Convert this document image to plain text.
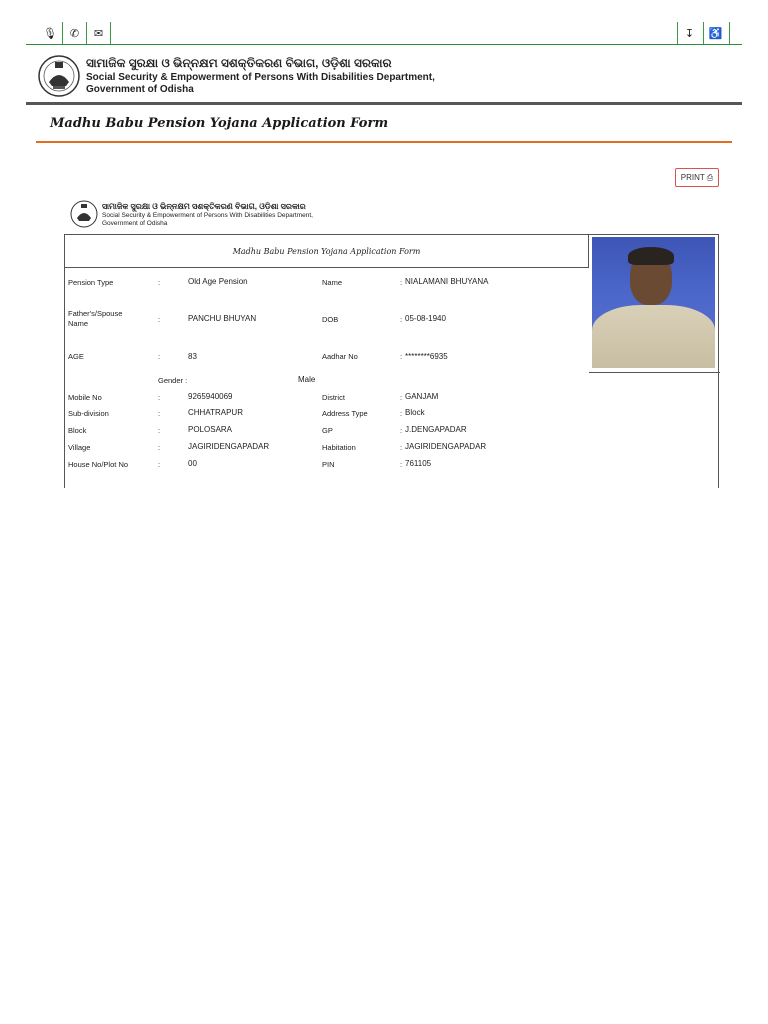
🎙	✆	✉	↧	♿
ସାମାଜିକ ସୁରକ୍ଷା ଓ ଭିନ୍ନକ୍ଷମ ସଶକ୍ତିକରଣ ବିଭାଗ, ଓଡ଼ିଶା ସରକାର
Social Security & Empowerment of Persons With Disabilities Department,
Government of Odisha
Madhu Babu Pension Yojana Application Form
PRINT ⎙
ସାମାଜିକ ସୁରକ୍ଷା ଓ ଭିନ୍ନକ୍ଷମ ସଶକ୍ତିକରଣ ବିଭାଗ, ଓଡ଼ିଶା ସରକାର
Social Security & Empowerment of Persons With Disabilities Department,
Government of Odisha
Madhu Babu Pension Yojana Application Form
Pension Type	:	Old Age Pension	Name	: NIALAMANI BHUYANA
Father's/Spouse
Name	:	PANCHU BHUYAN	DOB	: 05-08-1940
AGE	:	83	Aadhar No	: ********6935
Gender :	Male
Mobile No	:	9265940069	District	: GANJAM
Sub-division	:	CHHATRAPUR	Address Type	: Block
Block	:	POLOSARA	GP	: J.DENGAPADAR
Village	:	JAGIRIDENGAPADAR	Habitation	: JAGIRIDENGAPADAR
House No/Plot No	:	00	PIN	: 761105
